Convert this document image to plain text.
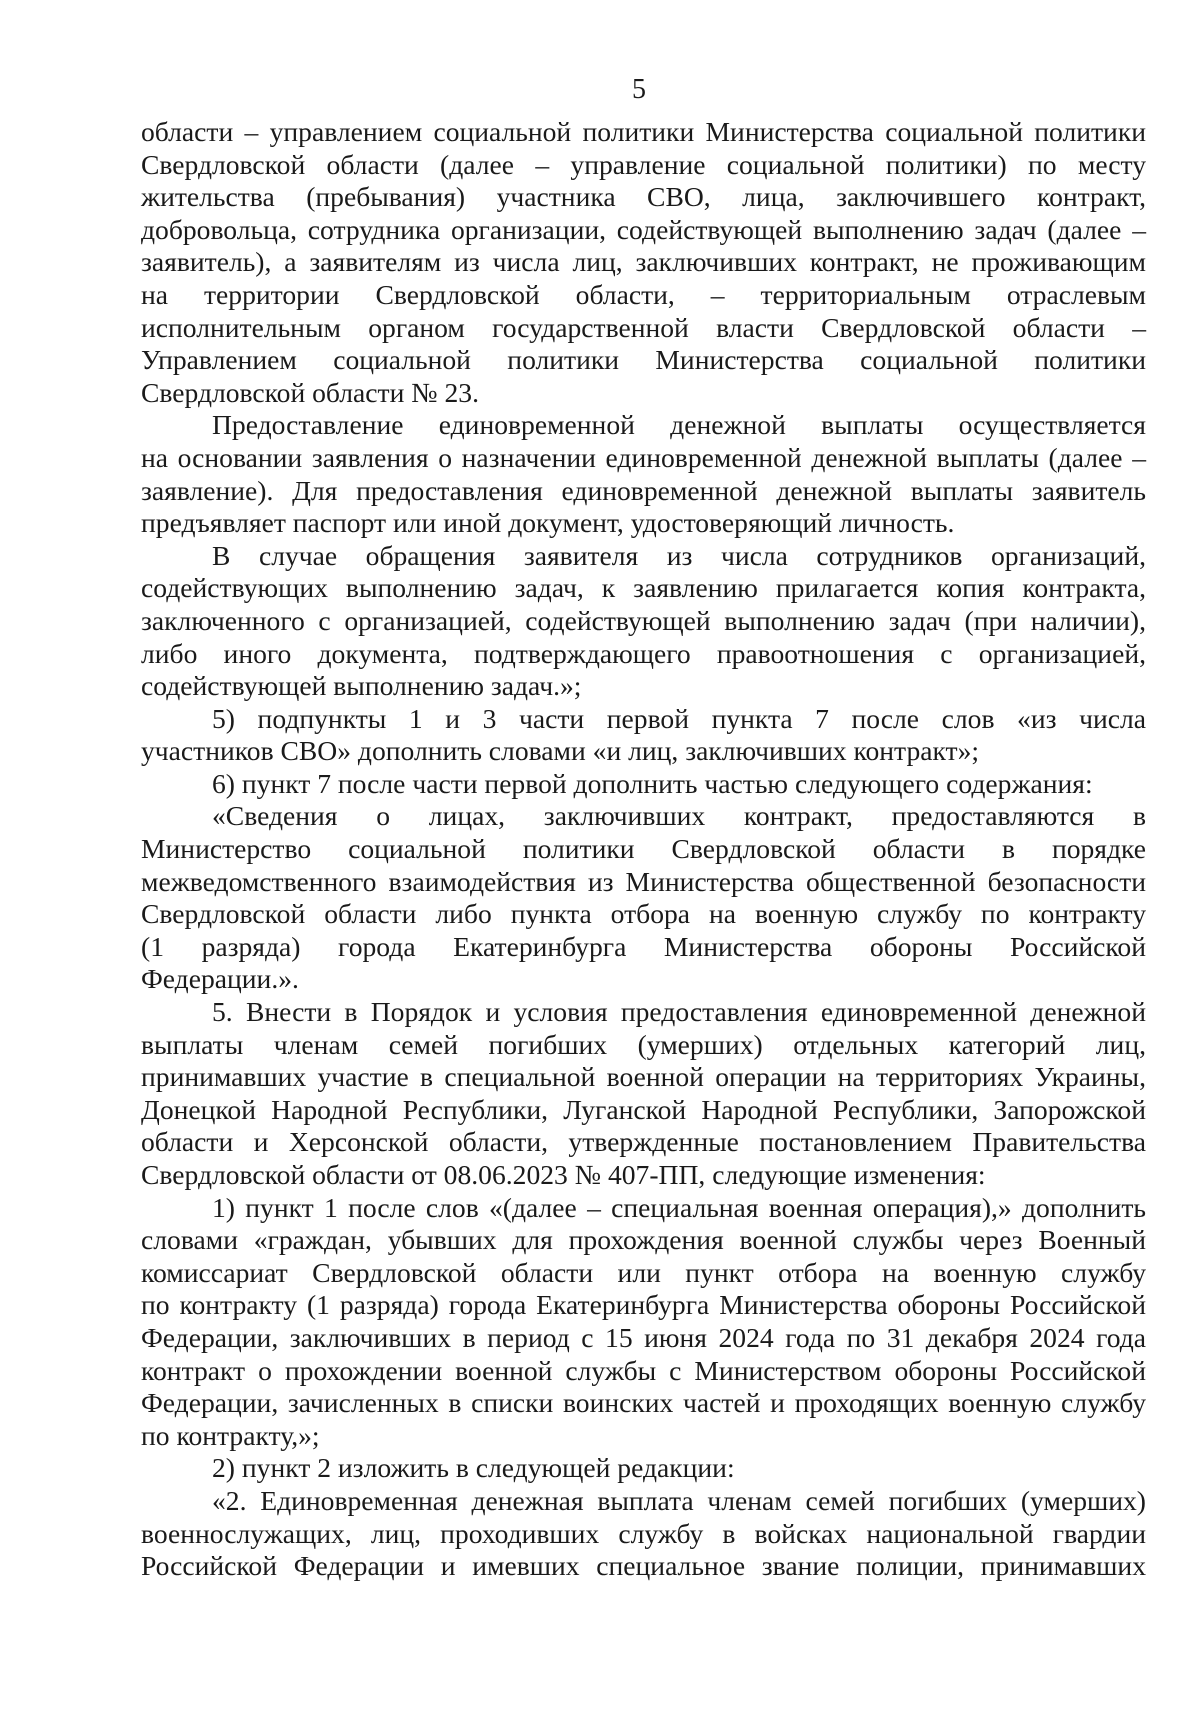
5
области – управлением социальной политики Министерства социальной политики
Свердловской области (далее – управление социальной политики) по месту
жительства (пребывания) участника СВО, лица, заключившего контракт,
добровольца, сотрудника организации, содействующей выполнению задач (далее –
заявитель), а заявителям из числа лиц, заключивших контракт, не проживающим
на территории Свердловской области, – территориальным отраслевым
исполнительным органом государственной власти Свердловской области –
Управлением социальной политики Министерства социальной политики
Свердловской области № 23.
Предоставление единовременной денежной выплаты осуществляется
на основании заявления о назначении единовременной денежной выплаты (далее –
заявление). Для предоставления единовременной денежной выплаты заявитель
предъявляет паспорт или иной документ, удостоверяющий личность.
В случае обращения заявителя из числа сотрудников организаций,
содействующих выполнению задач, к заявлению прилагается копия контракта,
заключенного с организацией, содействующей выполнению задач (при наличии),
либо иного документа, подтверждающего правоотношения с организацией,
содействующей выполнению задач.»;
5) подпункты 1 и 3 части первой пункта 7 после слов «из числа
участников СВО» дополнить словами «и лиц, заключивших контракт»;
6) пункт 7 после части первой дополнить частью следующего содержания:
«Сведения о лицах, заключивших контракт, предоставляются в
Министерство социальной политики Свердловской области в порядке
межведомственного взаимодействия из Министерства общественной безопасности
Свердловской области либо пункта отбора на военную службу по контракту
(1 разряда) города Екатеринбурга Министерства обороны Российской
Федерации.».
5. Внести в Порядок и условия предоставления единовременной денежной
выплаты членам семей погибших (умерших) отдельных категорий лиц,
принимавших участие в специальной военной операции на территориях Украины,
Донецкой Народной Республики, Луганской Народной Республики, Запорожской
области и Херсонской области, утвержденные постановлением Правительства
Свердловской области от 08.06.2023 № 407-ПП, следующие изменения:
1) пункт 1 после слов «(далее – специальная военная операция),» дополнить
словами «граждан, убывших для прохождения военной службы через Военный
комиссариат Свердловской области или пункт отбора на военную службу
по контракту (1 разряда) города Екатеринбурга Министерства обороны Российской
Федерации, заключивших в период с 15 июня 2024 года по 31 декабря 2024 года
контракт о прохождении военной службы с Министерством обороны Российской
Федерации, зачисленных в списки воинских частей и проходящих военную службу
по контракту,»;
2) пункт 2 изложить в следующей редакции:
«2. Единовременная денежная выплата членам семей погибших (умерших)
военнослужащих, лиц, проходивших службу в войсках национальной гвардии
Российской Федерации и имевших специальное звание полиции, принимавших
